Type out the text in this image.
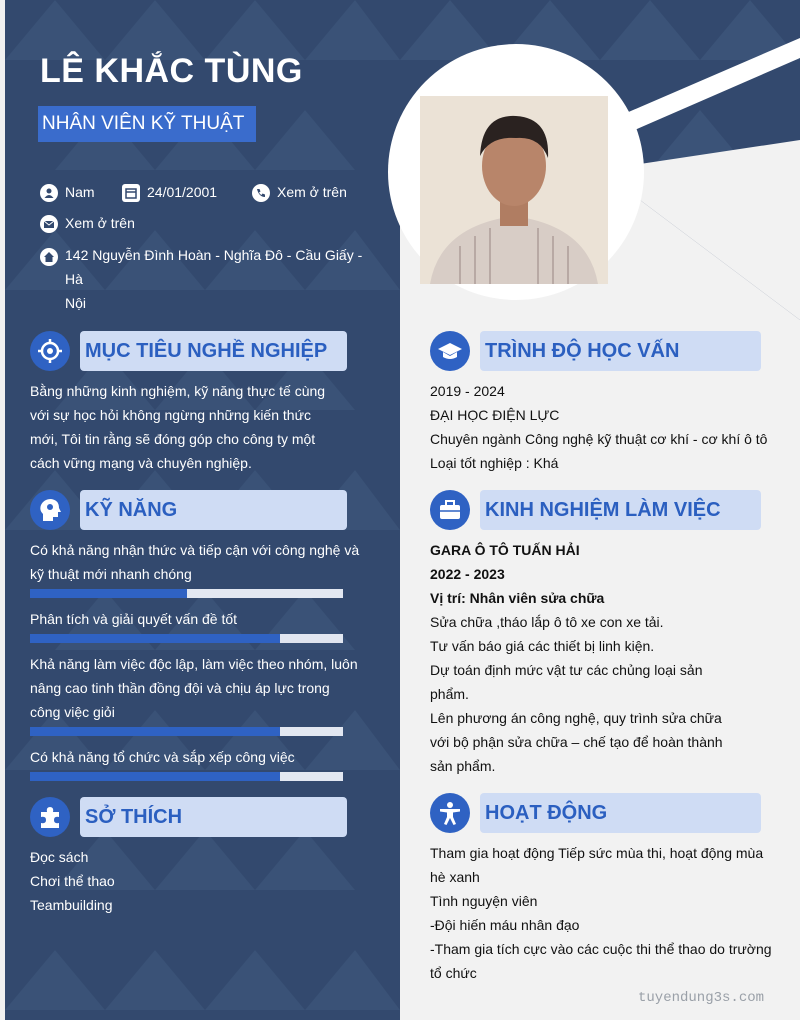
LÊ KHẮC TÙNG
NHÂN VIÊN KỸ THUẬT
Nam	24/01/2001	Xem ở trên
Xem ở trên
142 Nguyễn Đình Hoàn - Nghĩa Đô - Cầu Giấy - Hà
Nội
MỤC TIÊU NGHỀ NGHIỆP
Bằng những kinh nghiệm, kỹ năng thực tế cùng
với sự học hỏi không ngừng những kiến thức
mới, Tôi tin rằng sẽ đóng góp cho công ty một
cách vững mạng và chuyên nghiệp.
KỸ NĂNG
Có khả năng nhận thức và tiếp cận với công nghệ và
kỹ thuật mới nhanh chóng
Phân tích và giải quyết vấn đề tốt
Khả năng làm việc độc lập, làm việc theo nhóm, luôn
nâng cao tinh thần đồng đội và chịu áp lực trong
công việc giỏi
Có khả năng tổ chức và sắp xếp công việc
SỞ THÍCH
Đọc sách
Chơi thể thao
Teambuilding
TRÌNH ĐỘ HỌC VẤN
2019 - 2024
ĐẠI HỌC ĐIỆN LỰC
Chuyên ngành Công nghệ kỹ thuật cơ khí - cơ khí ô tô
Loại tốt nghiệp : Khá
KINH NGHIỆM LÀM VIỆC
GARA Ô TÔ TUẤN HẢI
2022 - 2023
Vị trí: Nhân viên sửa chữa
Sửa chữa ,tháo lắp ô tô xe con xe tải.
Tư vấn báo giá các thiết bị linh kiện.
Dự toán định mức vật tư các chủng loại sản
phẩm.
Lên phương án công nghệ, quy trình sửa chữa
với bộ phận sửa chữa – chế tạo để hoàn thành
sản phẩm.
HOẠT ĐỘNG
Tham gia hoạt động Tiếp sức mùa thi, hoạt động mùa
hè xanh
Tình nguyện viên
-Đội hiến máu nhân đạo
-Tham gia tích cực vào các cuộc thi thể thao do trường
tổ chức
tuyendung3s.com
